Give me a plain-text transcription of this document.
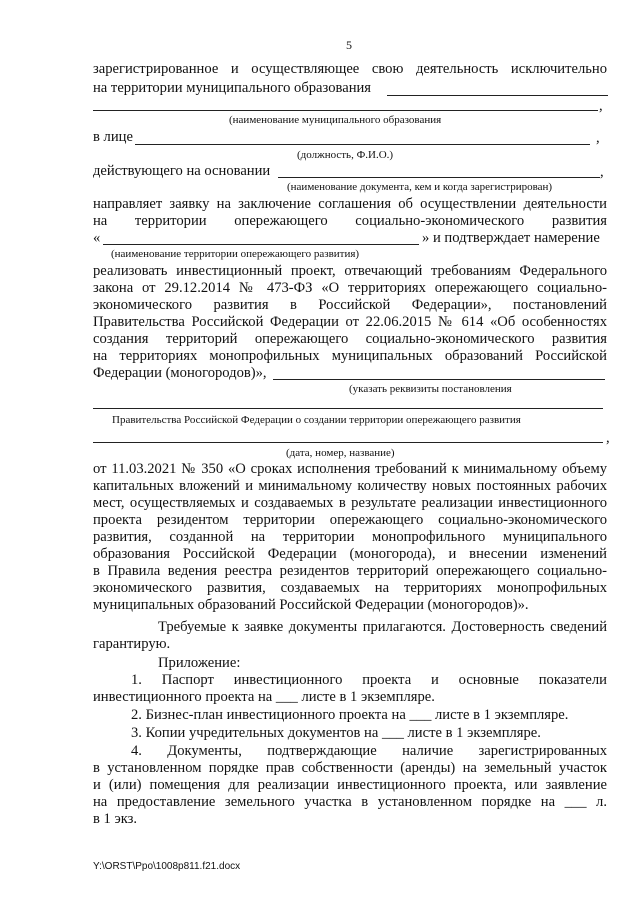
5
зарегистрированное и осуществляющее свою деятельность исключительно
на территории муниципального образования
,
(наименование муниципального образования
в лице	,
(должность, Ф.И.О.)
действующего на основании	,
(наименование документа, кем и когда зарегистрирован)
направляет заявку на заключение соглашения об осуществлении деятельности
на территории опережающего социально-экономического развития
«	» и подтверждает намерение
(наименование территории опережающего развития)
реализовать инвестиционный проект, отвечающий требованиям Федерального
закона от 29.12.2014 № 473-ФЗ «О территориях опережающего социально-
экономического развития в Российской Федерации», постановлений
Правительства Российской Федерации от 22.06.2015 № 614 «Об особенностях
создания территорий опережающего социально-экономического развития
на территориях монопрофильных муниципальных образований Российской
Федерации (моногородов)»,
(указать реквизиты постановления
Правительства Российской Федерации о создании территории опережающего развития
,
(дата, номер, название)
от 11.03.2021 № 350 «О сроках исполнения требований к минимальному объему
капитальных вложений и минимальному количеству новых постоянных рабочих
мест, осуществляемых и создаваемых в результате реализации инвестиционного
проекта резидентом территории опережающего социально-экономического
развития, созданной на территории монопрофильного муниципального
образования Российской Федерации (моногорода), и внесении изменений
в Правила ведения реестра резидентов территорий опережающего социально-
экономического развития, создаваемых на территориях монопрофильных
муниципальных образований Российской Федерации (моногородов)».
Требуемые к заявке документы прилагаются. Достоверность сведений
гарантирую.
Приложение:
1. Паспорт инвестиционного проекта и основные показатели
инвестиционного проекта на ___ листе в 1 экземпляре.
2. Бизнес-план инвестиционного проекта на ___ листе в 1 экземпляре.
3. Копии учредительных документов на ___ листе в 1 экземпляре.
4. Документы, подтверждающие наличие зарегистрированных
в установленном порядке прав собственности (аренды) на земельный участок
и (или) помещения для реализации инвестиционного проекта, или заявление
на предоставление земельного участка в установленном порядке на ___ л.
в 1 экз.
Y:\ORST\Ppo\1008p811.f21.docx
